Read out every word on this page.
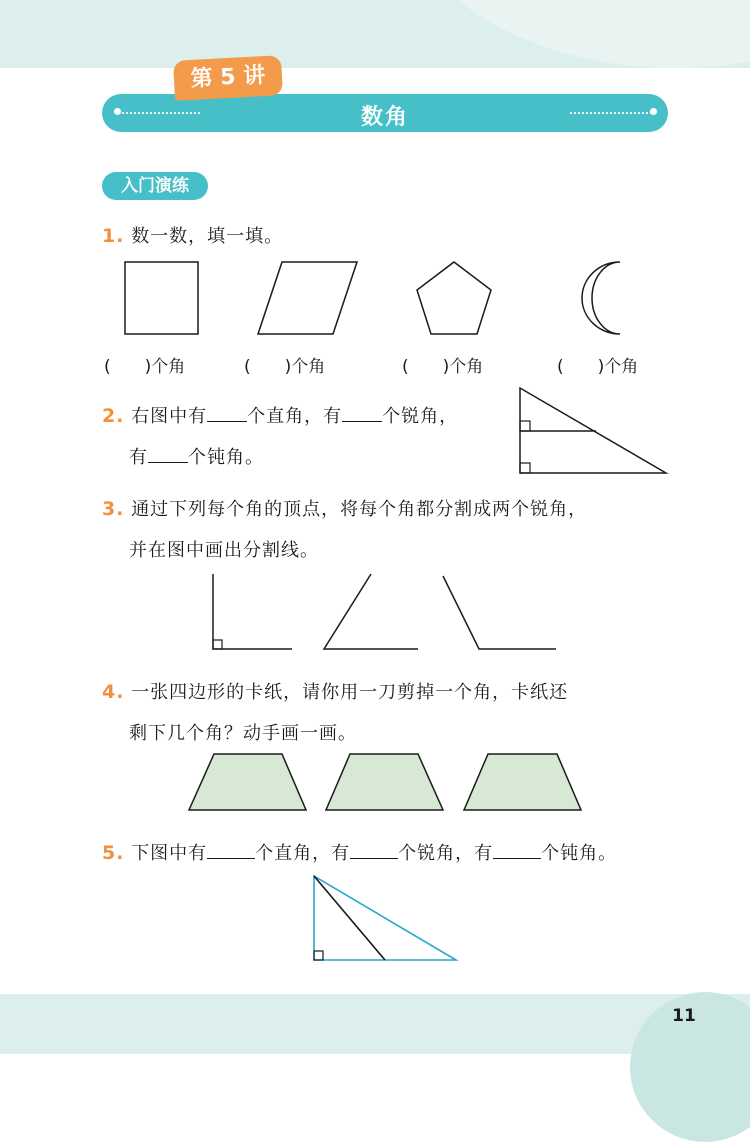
11
数角
第 5 讲
入门演练
1. 数一数，填一填。
(　　)个角	(　　)个角	(　　)个角	(　　)个角
2. 右图中有 个直角，有 个锐角，
有 个钝角。
3. 通过下列每个角的顶点，将每个角都分割成两个锐角，
并在图中画出分割线。
4. 一张四边形的卡纸，请你用一刀剪掉一个角，卡纸还
剩下几个角？动手画一画。
5. 下图中有	个直角，有	个锐角，有	个钝角。
